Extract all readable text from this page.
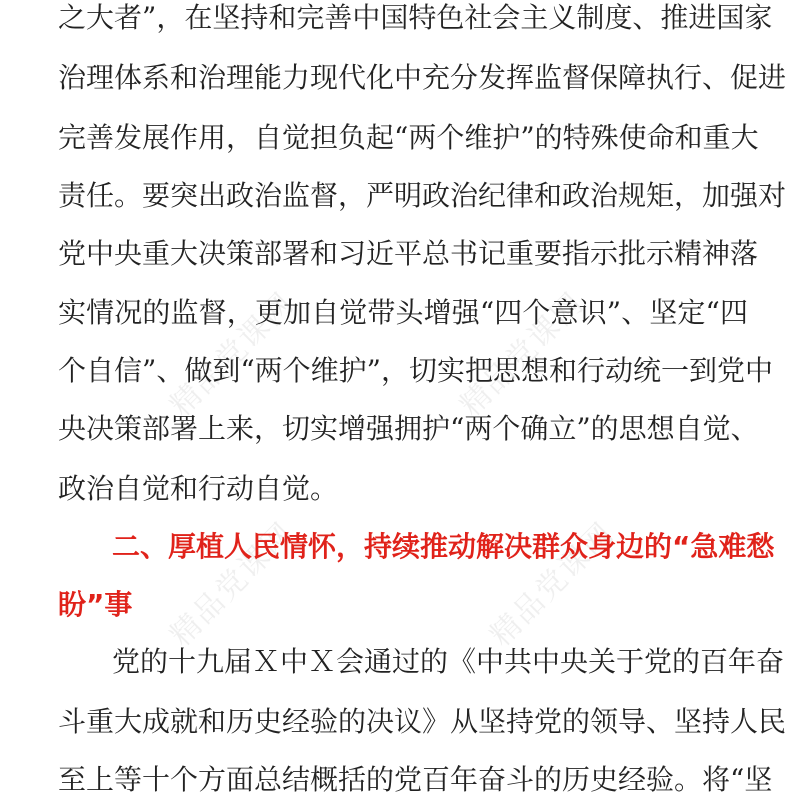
精品党课网	精品党课网
精品党课网	精品党课网
之大者”，在坚持和完善中国特色社会主义制度、推进国家
治理体系和治理能力现代化中充分发挥监督保障执行、促进
完善发展作用，自觉担负起“两个维护”的特殊使命和重大
责任。要突出政治监督，严明政治纪律和政治规矩，加强对
党中央重大决策部署和习近平总书记重要指示批示精神落
实情况的监督，更加自觉带头增强“四个意识”、坚定“四
个自信”、做到“两个维护”，切实把思想和行动统一到党中
央决策部署上来，切实增强拥护“两个确立”的思想自觉、
政治自觉和行动自觉。
二、厚植人民情怀，持续推动解决群众身边的“急难愁
盼”事
党的十九届Ｘ中Ｘ会通过的《中共中央关于党的百年奋
斗重大成就和历史经验的决议》从坚持党的领导、坚持人民
至上等十个方面总结概括的党百年奋斗的历史经验。将“坚
